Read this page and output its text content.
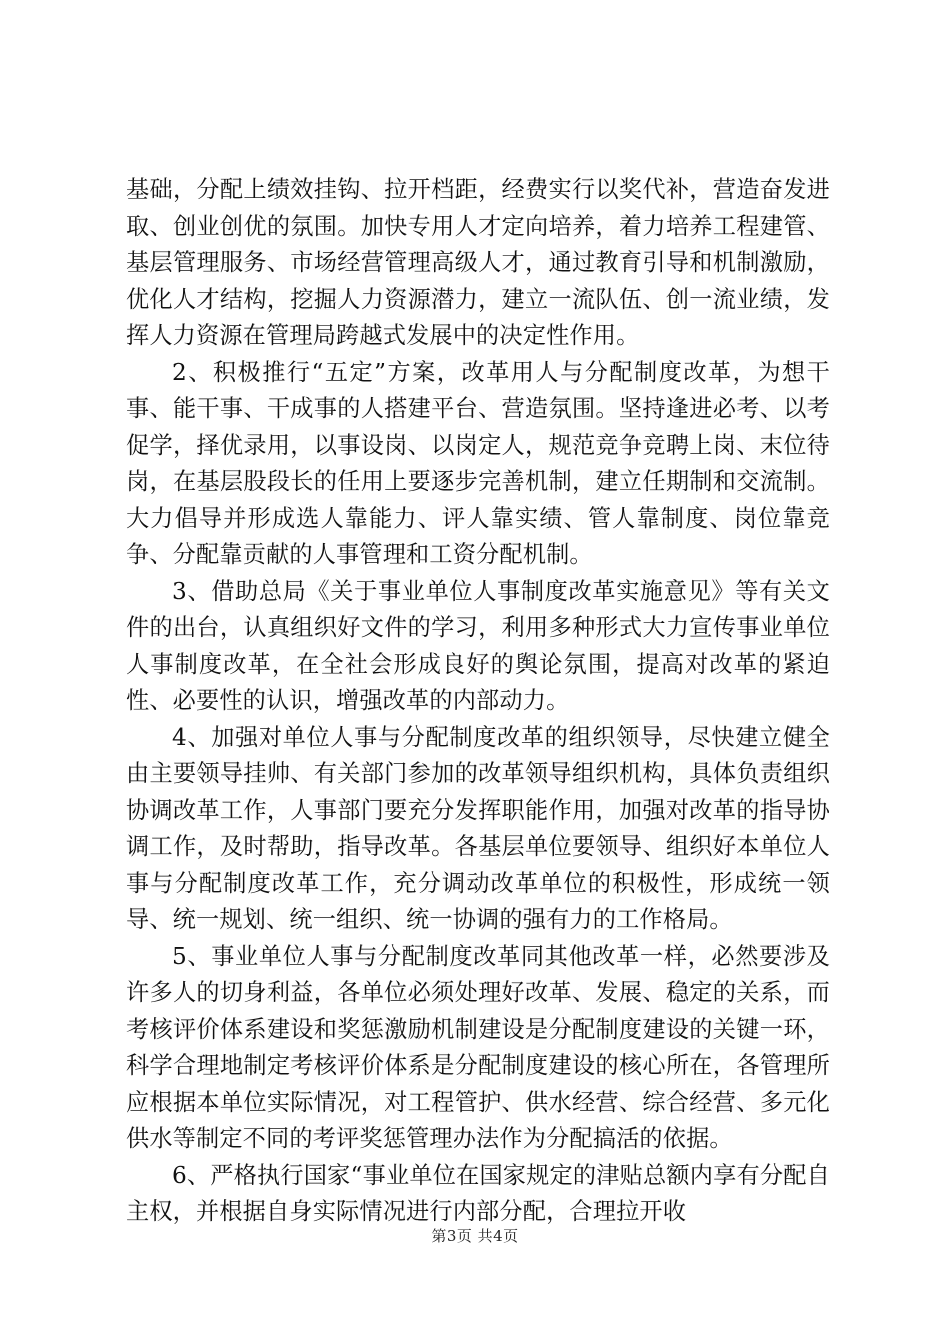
基础，分配上绩效挂钩、拉开档距，经费实行以奖代补，营造奋发进取、创业创优的氛围。加快专用人才定向培养，着力培养工程建管、基层管理服务、市场经营管理高级人才，通过教育引导和机制激励，优化人才结构，挖掘人力资源潜力，建立一流队伍、创一流业绩，发挥人力资源在管理局跨越式发展中的决定性作用。

2、积极推行“五定”方案，改革用人与分配制度改革，为想干事、能干事、干成事的人搭建平台、营造氛围。坚持逢进必考、以考促学，择优录用，以事设岗、以岗定人，规范竞争竞聘上岗、末位待岗，在基层股段长的任用上要逐步完善机制，建立任期制和交流制。大力倡导并形成选人靠能力、评人靠实绩、管人靠制度、岗位靠竞争、分配靠贡献的人事管理和工资分配机制。

3、借助总局《关于事业单位人事制度改革实施意见》等有关文件的出台，认真组织好文件的学习，利用多种形式大力宣传事业单位人事制度改革，在全社会形成良好的舆论氛围，提高对改革的紧迫性、必要性的认识，增强改革的内部动力。

4、加强对单位人事与分配制度改革的组织领导，尽快建立健全由主要领导挂帅、有关部门参加的改革领导组织机构，具体负责组织协调改革工作，人事部门要充分发挥职能作用，加强对改革的指导协调工作，及时帮助，指导改革。各基层单位要领导、组织好本单位人事与分配制度改革工作，充分调动改革单位的积极性，形成统一领导、统一规划、统一组织、统一协调的强有力的工作格局。

5、事业单位人事与分配制度改革同其他改革一样，必然要涉及许多人的切身利益，各单位必须处理好改革、发展、稳定的关系，而考核评价体系建设和奖惩激励机制建设是分配制度建设的关键一环，科学合理地制定考核评价体系是分配制度建设的核心所在，各管理所应根据本单位实际情况，对工程管护、供水经营、综合经营、多元化供水等制定不同的考评奖惩管理办法作为分配搞活的依据。

6、严格执行国家“事业单位在国家规定的津贴总额内享有分配自主权，并根据自身实际情况进行内部分配，合理拉开收

第3页 共4页
